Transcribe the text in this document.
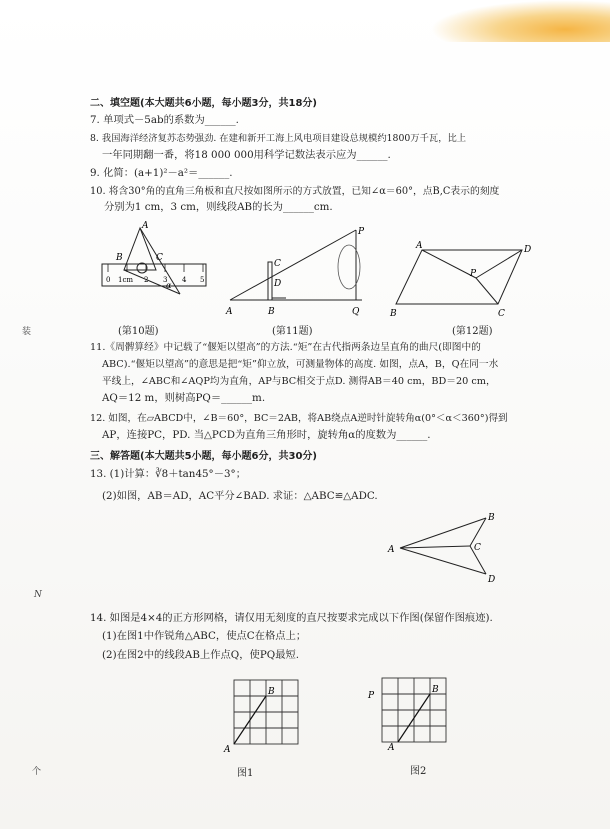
装
N
个
二、填空题(本大题共6小题，每小题3分，共18分)
7. 单项式－5ab的系数为______.
8. 我国海洋经济复苏态势强劲. 在建和新开工海上风电项目建设总规模约1800万千瓦，比上
一年同期翻一番，将18 000 000用科学记数法表示应为______.
9. 化简：(a+1)²－a²＝______.
10. 将含30°角的直角三角板和直尺按如图所示的方式放置，已知∠α＝60°，点B,C表示的刻度
分别为1 cm，3 cm，则线段AB的长为______cm.
0 1cm 2 3 4 5
A
B	C
α
(第10题)
P
C
D
A	B	Q
(第11题)
A	D
P
B	C
(第12题)
11.《周髀算经》中记载了“偃矩以望高”的方法.“矩”在古代指两条边呈直角的曲尺(即图中的
ABC).“偃矩以望高”的意思是把“矩”仰立放，可测量物体的高度. 如图，点A，B，Q在同一水
平线上，∠ABC和∠AQP均为直角，AP与BC相交于点D. 测得AB＝40 cm，BD＝20 cm，
AQ＝12 m，则树高PQ＝______m.
12. 如图，在▱ABCD中，∠B＝60°，BC＝2AB，将AB绕点A逆时针旋转角α(0°＜α＜360°)得到
AP，连接PC，PD. 当△PCD为直角三角形时，旋转角α的度数为______.
三、解答题(本大题共5小题，每小题6分，共30分)
13. (1)计算：∛8＋tan45°－3°；
(2)如图，AB＝AD，AC平分∠BAD. 求证：△ABC≌△ADC.
A
B
C
D
14. 如图是4×4的正方形网格，请仅用无刻度的直尺按要求完成以下作图(保留作图痕迹).
(1)在图1中作锐角△ABC，使点C在格点上；
(2)在图2中的线段AB上作点Q，使PQ最短.
B
A
图1
P
B
A
图2
